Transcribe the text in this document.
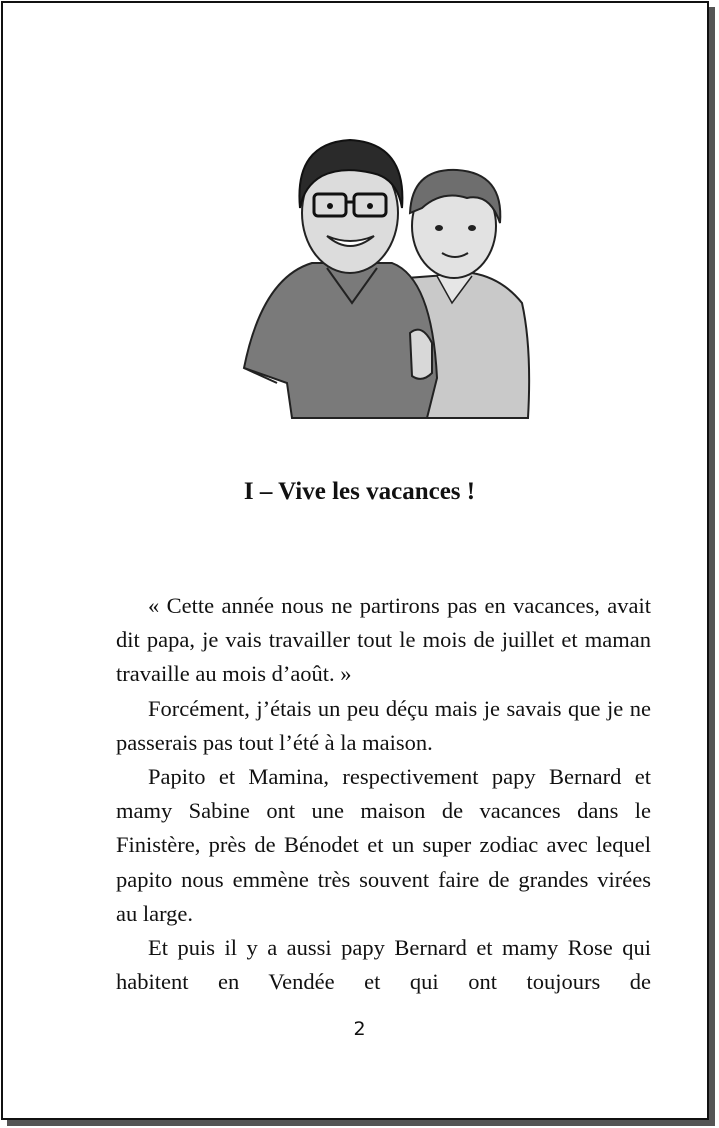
I – Vive les vacances !

« Cette année nous ne partirons pas en vacances, avait dit papa, je vais travailler tout le mois de juillet et maman travaille au mois d’août. »

Forcément, j’étais un peu déçu mais je savais que je ne passerais pas tout l’été à la maison.

Papito et Mamina, respectivement papy Bernard et mamy Sabine ont une maison de vacances dans le Finistère, près de Bénodet et un super zodiac avec lequel papito nous emmène très souvent faire de grandes virées au large.

Et puis il y a aussi papy Bernard et mamy Rose qui habitent en Vendée et qui ont toujours de

2
